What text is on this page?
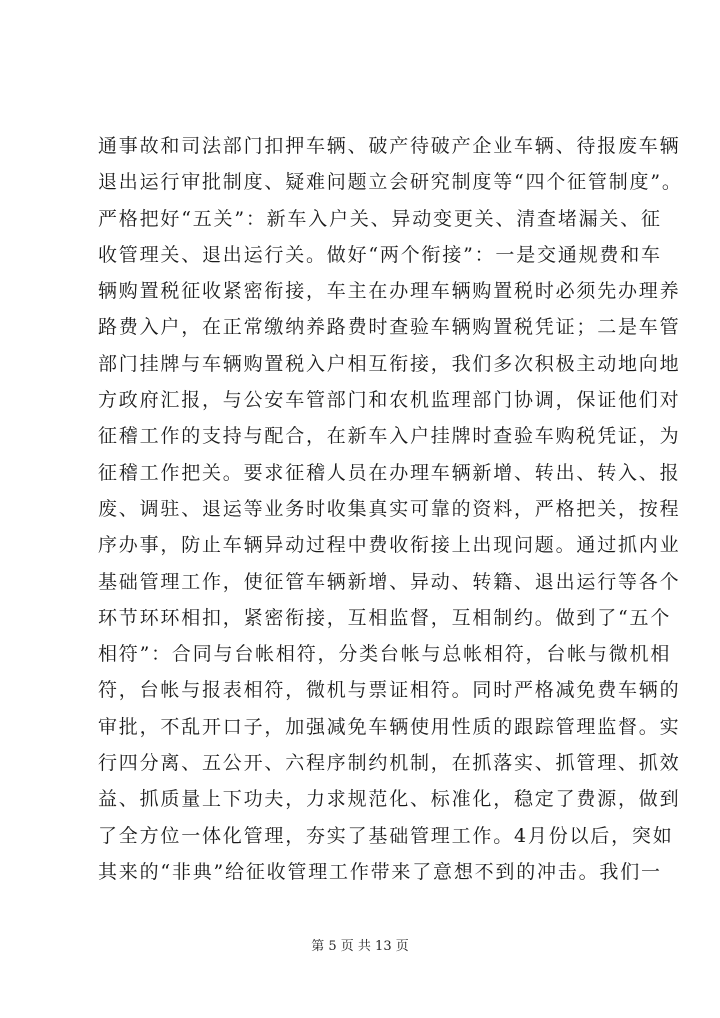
通事故和司法部门扣押车辆、破产待破产企业车辆、待报废车辆
退出运行审批制度、疑难问题立会研究制度等“四个征管制度”。
严格把好“五关”：新车入户关、异动变更关、清查堵漏关、征
收管理关、退出运行关。做好“两个衔接”：一是交通规费和车
辆购置税征收紧密衔接，车主在办理车辆购置税时必须先办理养
路费入户，在正常缴纳养路费时查验车辆购置税凭证；二是车管
部门挂牌与车辆购置税入户相互衔接，我们多次积极主动地向地
方政府汇报，与公安车管部门和农机监理部门协调，保证他们对
征稽工作的支持与配合，在新车入户挂牌时查验车购税凭证，为
征稽工作把关。要求征稽人员在办理车辆新增、转出、转入、报
废、调驻、退运等业务时收集真实可靠的资料，严格把关，按程
序办事，防止车辆异动过程中费收衔接上出现问题。通过抓内业
基础管理工作，使征管车辆新增、异动、转籍、退出运行等各个
环节环环相扣，紧密衔接，互相监督，互相制约。做到了“五个
相符”：合同与台帐相符，分类台帐与总帐相符，台帐与微机相
符，台帐与报表相符，微机与票证相符。同时严格减免费车辆的
审批，不乱开口子，加强减免车辆使用性质的跟踪管理监督。实
行四分离、五公开、六程序制约机制，在抓落实、抓管理、抓效
益、抓质量上下功夫，力求规范化、标准化，稳定了费源，做到
了全方位一体化管理，夯实了基础管理工作。4月份以后，突如
其来的“非典”给征收管理工作带来了意想不到的冲击。我们一
第 5 页 共 13 页
